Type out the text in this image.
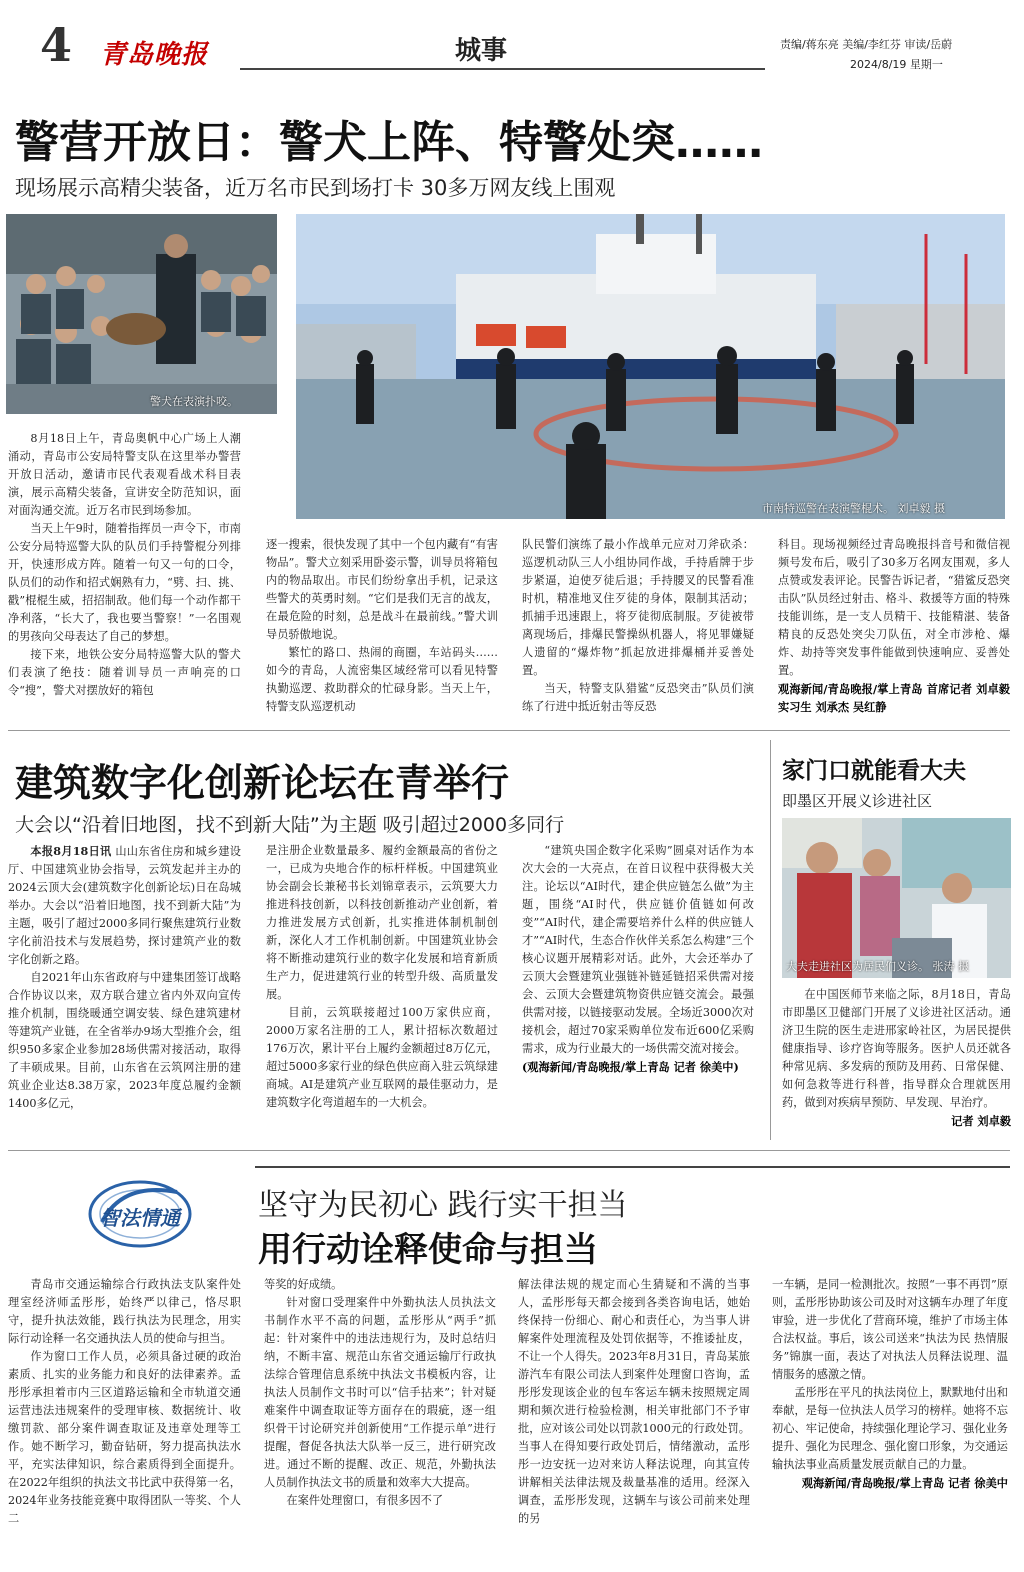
4 青岛晚报	城事	责编/蒋东亮 美编/李红芬 审读/岳蔚
2024/8/19 星期一
警营开放日：警犬上阵、特警处突……
现场展示高精尖装备，近万名市民到场打卡 30多万网友线上围观
警犬在表演扑咬。
市南特巡警在表演警棍术。 刘卓毅 摄

8月18日上午，青岛奥帆中心广场上人潮涌动，青岛市公安局特警支队在这里举办警营开放日活动，邀请市民代表观看战术科目表演，展示高精尖装备，宣讲安全防范知识，面对面沟通交流。近万名市民到场参加。

当天上午9时，随着指挥员一声令下，市南公安分局特巡警大队的队员们手持警棍分列排开，快速形成方阵。随着一句又一句的口令，队员们的动作和招式娴熟有力，“劈、扫、挑、戳”棍棍生威，招招制敌。他们每一个动作都干净利落，“长大了，我也要当警察！”一名围观的男孩向父母表达了自己的梦想。

接下来，地铁公安分局特巡警大队的警犬们表演了绝技：随着训导员一声响亮的口令“搜”，警犬对摆放好的箱包

逐一搜索，很快发现了其中一个包内藏有“有害物品”。警犬立刻采用卧姿示警，训导员将箱包内的物品取出。市民们纷纷拿出手机，记录这些警犬的英勇时刻。“它们是我们无言的战友，在最危险的时刻，总是战斗在最前线。”警犬训导员骄傲地说。

繁忙的路口、热闹的商圈，车站码头……如今的青岛，人流密集区域经常可以看见特警执勤巡逻、救助群众的忙碌身影。当天上午，特警支队巡逻机动

队民警们演练了最小作战单元应对刀斧砍杀：巡逻机动队三人小组协同作战，手持盾牌于步步紧逼，迫使歹徒后退；手持腰叉的民警看准时机，精准地叉住歹徒的身体，限制其活动；抓捕手迅速跟上，将歹徒彻底制服。歹徒被带离现场后，排爆民警操纵机器人，将见罪嫌疑人遗留的“爆炸物”抓起放进排爆桶并妥善处置。

当天，特警支队猎鲨“反恐突击”队员们演练了行进中抵近射击等反恐

科目。现场视频经过青岛晚报抖音号和微信视频号发布后，吸引了30多万名网友围观，多人点赞或发表评论。民警告诉记者，“猎鲨反恐突击队”队员经过射击、格斗、救援等方面的特殊技能训练，是一支人员精干、技能精湛、装备精良的反恐处突尖刀队伍，对全市涉枪、爆炸、劫持等突发事件能做到快速响应、妥善处置。

观海新闻/青岛晚报/掌上青岛 首席记者 刘卓毅 实习生 刘承杰 吴红静

建筑数字化创新论坛在青举行
大会以“沿着旧地图，找不到新大陆”为主题 吸引超过2000多同行

本报8月18日讯 山山东省住房和城乡建设厅、中国建筑业协会指导，云筑发起并主办的2024云顶大会(建筑数字化创新论坛)日在岛城举办。大会以“沿着旧地图，找不到新大陆”为主题，吸引了超过2000多同行聚焦建筑行业数字化前沿技术与发展趋势，探讨建筑产业的数字化创新之路。

自2021年山东省政府与中建集团签订战略合作协议以来，双方联合建立省内外双向宣传推介机制，围绕暖通空调安装、绿色建筑建材等建筑产业链，在全省举办9场大型推介会，组织950多家企业参加28场供需对接活动，取得了丰硕成果。目前，山东省在云筑网注册的建筑业企业达8.38万家，2023年度总履约金额1400多亿元，

是注册企业数量最多、履约金额最高的省份之一，已成为央地合作的标杆样板。中国建筑业协会副会长兼秘书长刘锦章表示，云筑要大力推进科技创新，以科技创新推动产业创新，着力推进发展方式创新，扎实推进体制机制创新，深化人才工作机制创新。中国建筑业协会将不断推动建筑行业的数字化发展和培育新质生产力，促进建筑行业的转型升级、高质量发展。

目前，云筑联接超过100万家供应商，2000万家名注册的工人，累计招标次数超过176万次，累计平台上履约金额超过8万亿元，超过5000多家行业的绿色供应商入驻云筑绿建商城。AI是建筑产业互联网的最佳驱动力，是建筑数字化弯道超车的一大机会。

“建筑央国企数字化采购”圆桌对话作为本次大会的一大亮点，在首日议程中获得极大关注。论坛以“AI时代，建企供应链怎么做”为主题，围绕“AI时代，供应链价值链如何改变”“AI时代，建企需要培养什么样的供应链人才”“AI时代，生态合作伙伴关系怎么构建”三个核心议题开展精彩对话。此外，大会还举办了云顶大会暨建筑业强链补链延链招采供需对接会、云顶大会暨建筑物资供应链交流会。最强供需对接，以链接驱动发展。全场近3000次对接机会，超过70家采购单位发布近600亿采购需求，成为行业最大的一场供需交流对接会。

(观海新闻/青岛晚报/掌上青岛 记者 徐美中)

家门口就能看大夫
即墨区开展义诊进社区
大夫走进社区为居民们义诊。 张涛 摄

在中国医师节来临之际，8月18日，青岛市即墨区卫健部门开展了义诊进社区活动。通济卫生院的医生走进邢家岭社区，为居民提供健康指导、诊疗咨询等服务。医护人员还就各种常见病、多发病的预防及用药、日常保健、如何急救等进行科普，指导群众合理就医用药，做到对疾病早预防、早发现、早治疗。

记者 刘卓毅

智法情通	坚守为民初心 践行实干担当
用行动诠释使命与担当

青岛市交通运输综合行政执法支队案件处理室经济师孟彤彤，始终严以律己，恪尽职守，提升执法效能，践行执法为民理念，用实际行动诠释一名交通执法人员的使命与担当。

作为窗口工作人员，必须具备过硬的政治素质、扎实的业务能力和良好的法律素养。孟彤彤承担着市内三区道路运输和全市轨道交通运营违法违规案件的受理审核、数据统计、收缴罚款、部分案件调查取证及违章处理等工作。她不断学习，勤奋钻研，努力提高执法水平，充实法律知识，综合素质得到全面提升。在2022年组织的执法文书比武中获得第一名，2024年业务技能竞赛中取得团队一等奖、个人二

等奖的好成绩。

针对窗口受理案件中外勤执法人员执法文书制作水平不高的问题，孟彤彤从“两手”抓起：针对案件中的违法违规行为，及时总结归纳，不断丰富、规范山东省交通运输厅行政执法综合管理信息系统中执法文书模板内容，让执法人员制作文书时可以“信手拈来”；针对疑难案件中调查取证等方面存在的瑕疵，逐一组织骨干讨论研究并创新使用“工作提示单”进行提醒，督促各执法大队举一反三，进行研究改进。通过不断的提醒、改正、规范，外勤执法人员制作执法文书的质量和效率大大提高。

在案件处理窗口，有很多因不了

解法律法规的规定而心生猜疑和不满的当事人，孟彤彤每天都会接到各类咨询电话，她始终保持一份细心、耐心和责任心，为当事人讲解案件处理流程及处罚依据等，不推诿扯皮，不让一个人得失。2023年8月31日，青岛某旅游汽车有限公司法人到案件处理窗口咨询，孟彤彤发现该企业的包车客运车辆未按照规定周期和频次进行检验检测，相关审批部门不予审批，应对该公司处以罚款1000元的行政处罚。当事人在得知要行政处罚后，情绪激动，孟彤彤一边安抚一边对来访人释法说理，向其宣传讲解相关法律法规及裁量基准的适用。经深入调查，孟彤彤发现，这辆车与该公司前来处理的另

一车辆，是同一检测批次。按照“一事不再罚”原则，孟彤彤协助该公司及时对这辆车办理了年度审验，进一步优化了营商环境，维护了市场主体合法权益。事后，该公司送来“执法为民 热情服务”锦旗一面，表达了对执法人员释法说理、温情服务的感激之情。

孟彤彤在平凡的执法岗位上，默默地付出和奉献，是每一位执法人员学习的榜样。她将不忘初心、牢记使命，持续强化理论学习、强化业务提升、强化为民理念、强化窗口形象，为交通运输执法事业高质量发展贡献自己的力量。

观海新闻/青岛晚报/掌上青岛 记者 徐美中
